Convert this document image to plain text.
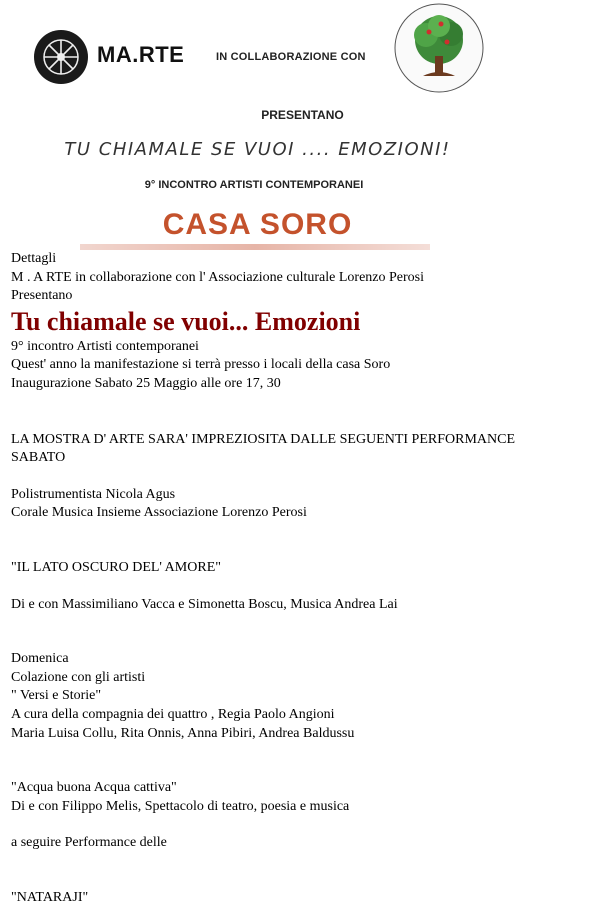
MA.RTE	IN COLLABORAZIONE CON
PRESENTANO
TU CHIAMALE SE VUOI .... EMOZIONI!
9° INCONTRO ARTISTI CONTEMPORANEI
CASA SORO

Dettagli

M . A RTE in collaborazione con l' Associazione culturale Lorenzo Perosi

Presentano

Tu chiamale se vuoi... Emozioni

9° incontro Artisti contemporanei

Quest' anno la manifestazione si terrà presso i locali della casa Soro

Inaugurazione Sabato 25 Maggio alle ore 17, 30

LA MOSTRA D' ARTE SARA' IMPREZIOSITA DALLE SEGUENTI PERFORMANCE

SABATO

Polistrumentista Nicola Agus

Corale Musica Insieme Associazione Lorenzo Perosi

"IL LATO OSCURO DEL' AMORE"

Di e con Massimiliano Vacca e Simonetta Boscu, Musica Andrea Lai

Domenica

Colazione con gli artisti

" Versi e Storie"

A cura della compagnia dei quattro , Regia Paolo Angioni

Maria Luisa Collu, Rita Onnis, Anna Pibiri, Andrea Baldussu

"Acqua buona Acqua cattiva"

Di e con Filippo Melis, Spettacolo di teatro, poesia e musica

a seguire Performance delle

"NATARAJI"
